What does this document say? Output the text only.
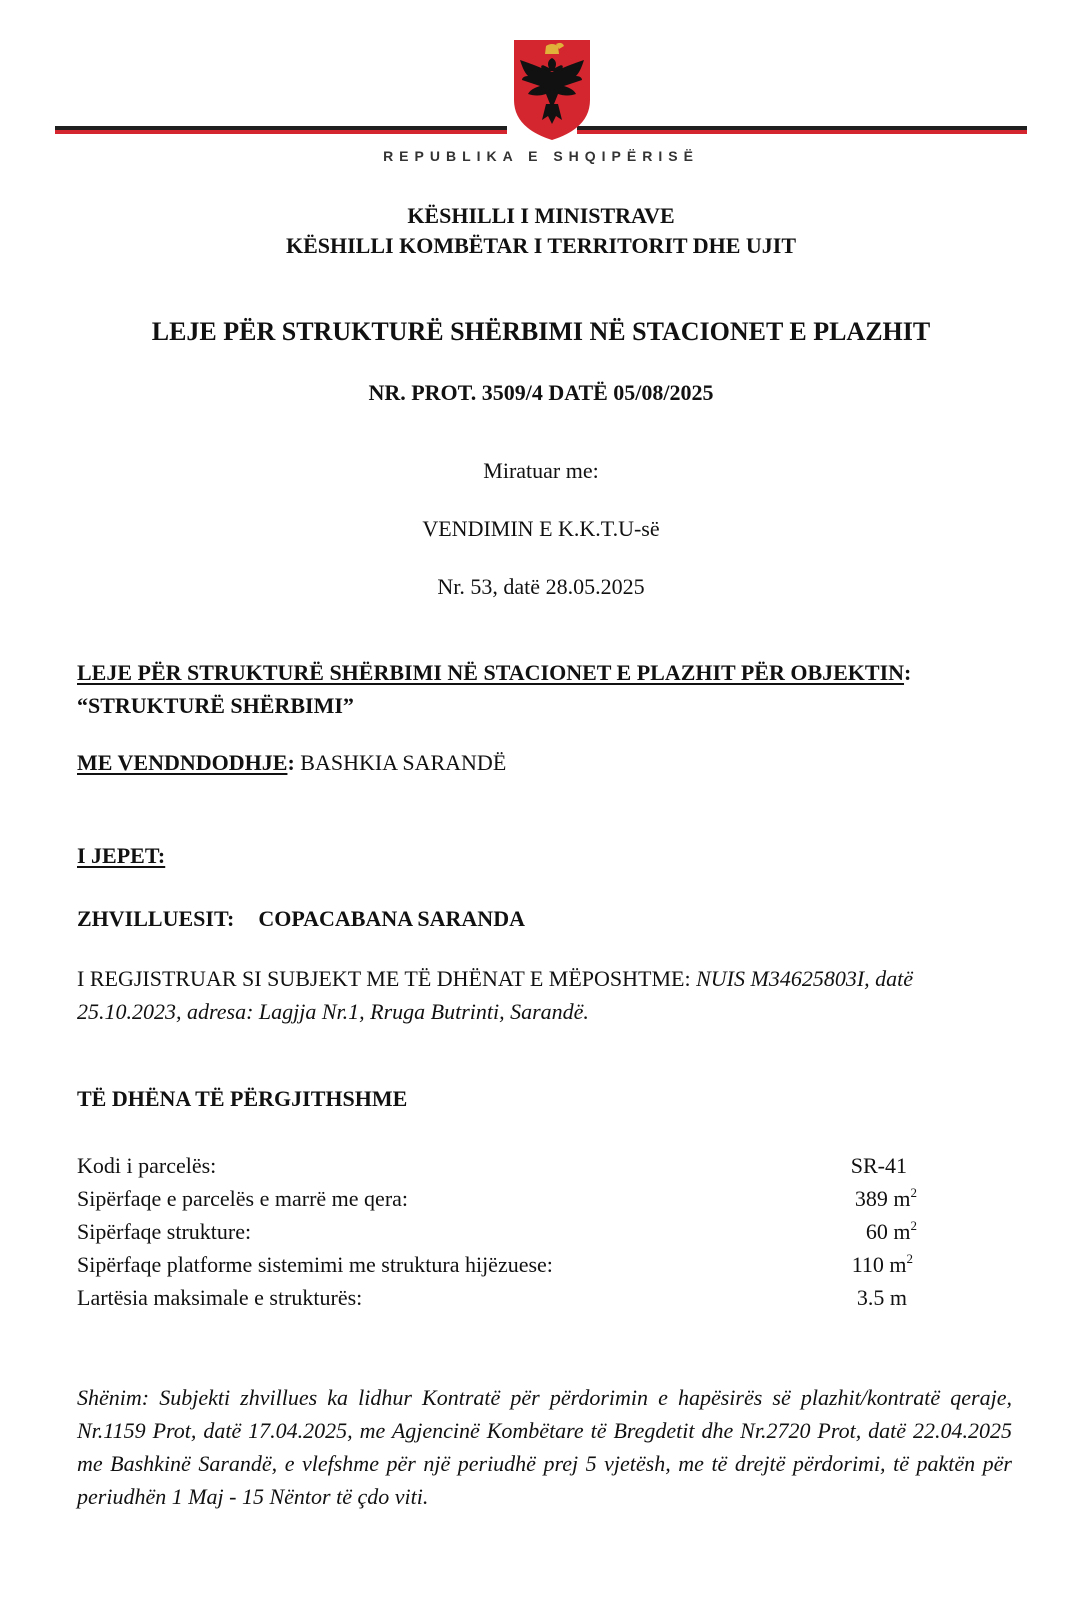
REPUBLIKA E SHQIPËRISË
KËSHILLI I MINISTRAVE
KËSHILLI KOMBËTAR I TERRITORIT DHE UJIT
LEJE PËR STRUKTURË SHËRBIMI NË STACIONET E PLAZHIT
NR. PROT. 3509/4 DATË 05/08/2025
Miratuar me:
VENDIMIN E K.K.T.U-së
Nr. 53, datë 28.05.2025
LEJE PËR STRUKTURË SHËRBIMI NË STACIONET E PLAZHIT PËR OBJEKTIN:
“STRUKTURË SHËRBIMI”
ME VENDNDODHJE: BASHKIA SARANDË
I JEPET:
ZHVILLUESIT: COPACABANA SARANDA
I REGJISTRUAR SI SUBJEKT ME TË DHËNAT E MËPOSHTME: NUIS M34625803I, datë 25.10.2023, adresa: Lagjja Nr.1, Rruga Butrinti, Sarandë.
TË DHËNA TË PËRGJITHSHME
Kodi i parcelës:	SR-41
Sipërfaqe e parcelës e marrë me qera:	389 $m^2$
Sipërfaqe strukture:	60 $m^2$
Sipërfaqe platforme sistemimi me struktura hijëzuese:	110 $m^2$
Lartësia maksimale e strukturës:	3.5 m
Shënim: Subjekti zhvillues ka lidhur Kontratë për përdorimin e hapësirës së plazhit/kontratë qeraje, Nr.1159 Prot, datë 17.04.2025, me Agjencinë Kombëtare të Bregdetit dhe Nr.2720 Prot, datë 22.04.2025 me Bashkinë Sarandë, e vlefshme për një periudhë prej 5 vjetësh, me të drejtë përdorimi, të paktën për periudhën 1 Maj - 15 Nëntor të çdo viti.
